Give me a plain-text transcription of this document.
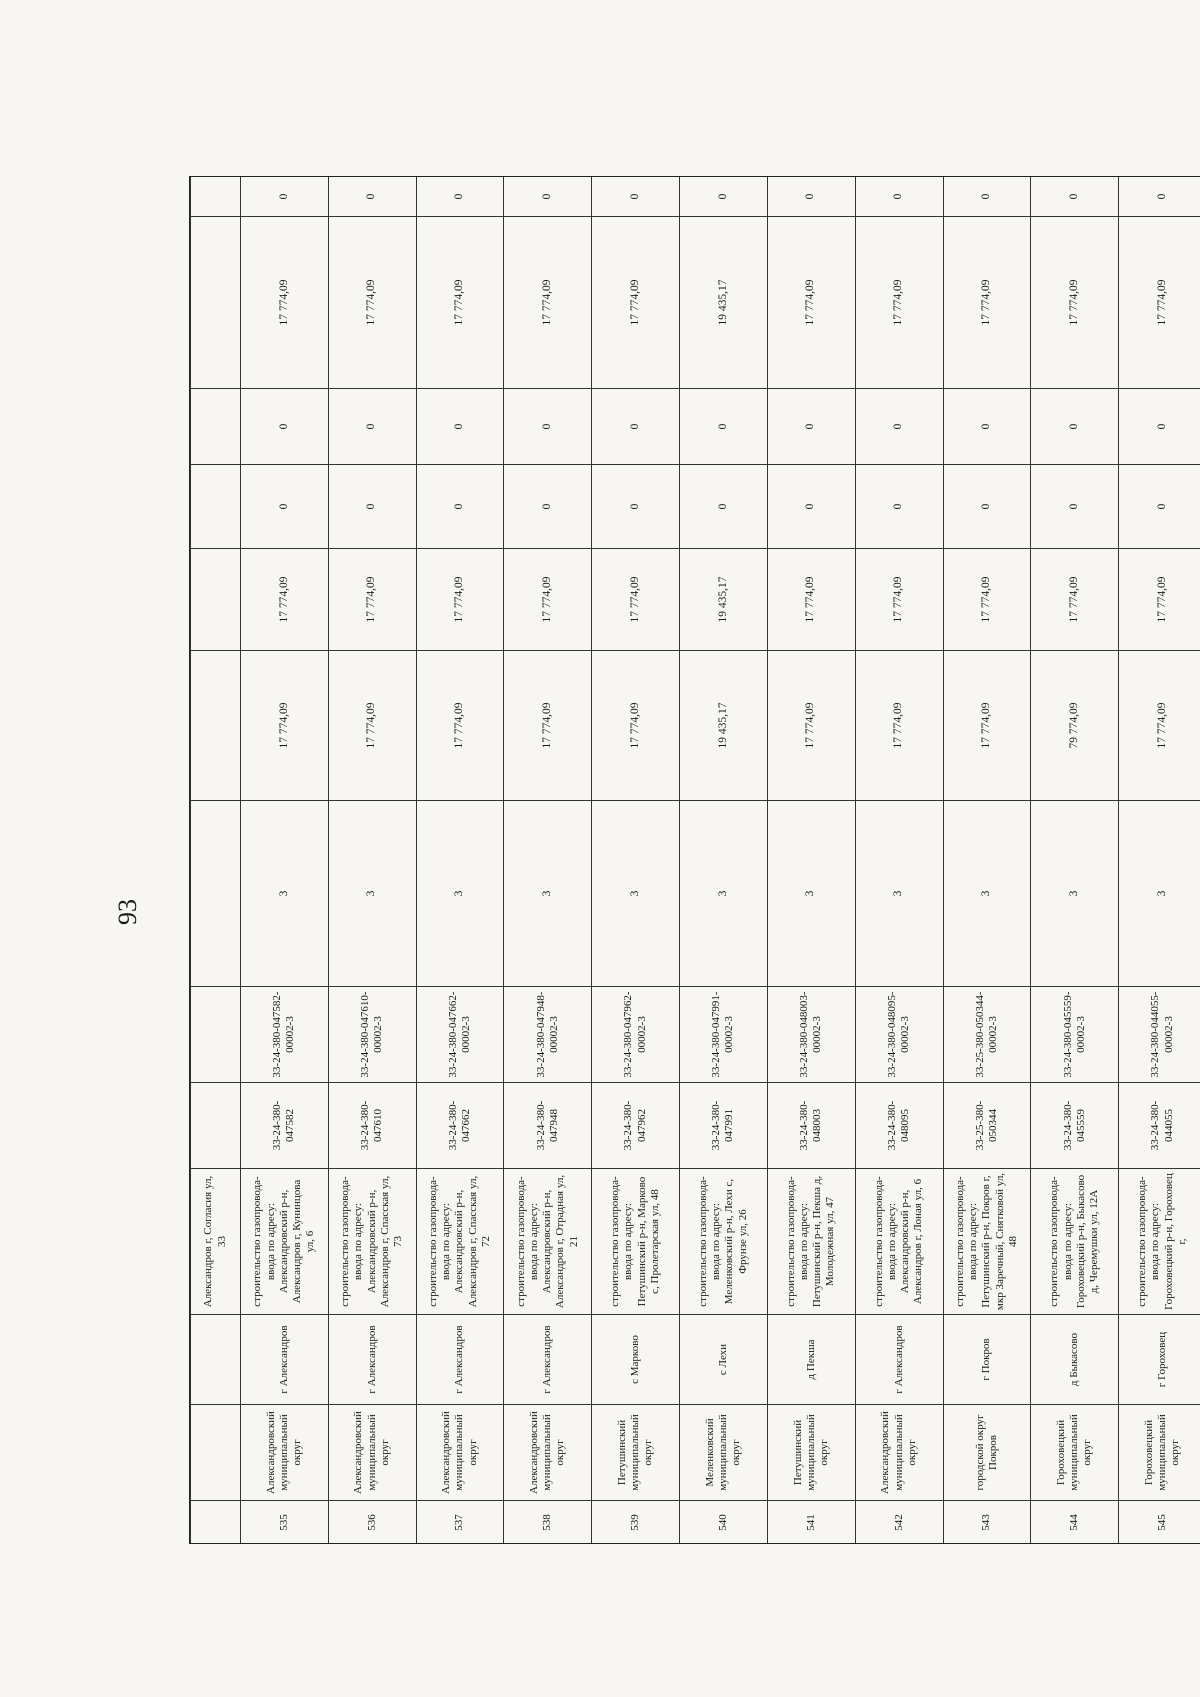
93
			Александров г, Согласия ул, 33									
535	Александровский муниципальный округ	г Александров	строительство газопровода-ввода по адресу: Александровский р-н, Александров г, Кунинцова ул, 6	33-24-380-047582	33-24-380-047582-00002-3	3	17 774,09	17 774,09	0	0	17 774,09	0
536	Александровский муниципальный округ	г Александров	строительство газопровода-ввода по адресу: Александровский р-н, Александров г, Спасская ул, 73	33-24-380-047610	33-24-380-047610-00002-3	3	17 774,09	17 774,09	0	0	17 774,09	0
537	Александровский муниципальный округ	г Александров	строительство газопровода-ввода по адресу: Александровский р-н, Александров г, Спасская ул, 72	33-24-380-047662	33-24-380-047662-00002-3	3	17 774,09	17 774,09	0	0	17 774,09	0
538	Александровский муниципальный округ	г Александров	строительство газопровода-ввода по адресу: Александровский р-н, Александров г, Отрадная ул, 21	33-24-380-047948	33-24-380-047948-00002-3	3	17 774,09	17 774,09	0	0	17 774,09	0
539	Петушинский муниципальный округ	с Марково	строительство газопровода-ввода по адресу: Петушинский р-н, Марково с, Пролетарская ул, 48	33-24-380-047962	33-24-380-047962-00002-3	3	17 774,09	17 774,09	0	0	17 774,09	0
540	Меленковский муниципальный округ	с Лехи	строительство газопровода-ввода по адресу: Меленковский р-н, Лехи с, Фрунзе ул, 26	33-24-380-047991	33-24-380-047991-00002-3	3	19 435,17	19 435,17	0	0	19 435,17	0
541	Петушинский муниципальный округ	д Пекша	строительство газопровода-ввода по адресу: Петушинский р-н, Пекша д, Молодежная ул, 47	33-24-380-048003	33-24-380-048003-00002-3	3	17 774,09	17 774,09	0	0	17 774,09	0
542	Александровский муниципальный округ	г Александров	строительство газопровода-ввода по адресу: Александровский р-н, Александров г, Лоная ул, 6	33-24-380-048095	33-24-380-048095-00002-3	3	17 774,09	17 774,09	0	0	17 774,09	0
543	городской округ Покров	г Покров	строительство газопровода-ввода по адресу: Петушинский р-н, Покров г, мкр Заречный, Снятковой ул, 48	33-25-380-050344	33-25-380-050344-00002-3	3	17 774,09	17 774,09	0	0	17 774,09	0
544	Гороховецкий муниципальный округ	д Быкасово	строительство газопровода-ввода по адресу: Гороховецкий р-н, Быкасово д, Черемушки ул, 12А	33-24-380-045559	33-24-380-045559-00002-3	3	79 774,09	17 774,09	0	0	17 774,09	0
545	Гороховецкий муниципальный округ	г Гороховец	строительство газопровода-ввода по адресу: Гороховецкий р-н, Гороховец г,	33-24-380-044055	33-24-380-044055-00002-3	3	17 774,09	17 774,09	0	0	17 774,09	0
